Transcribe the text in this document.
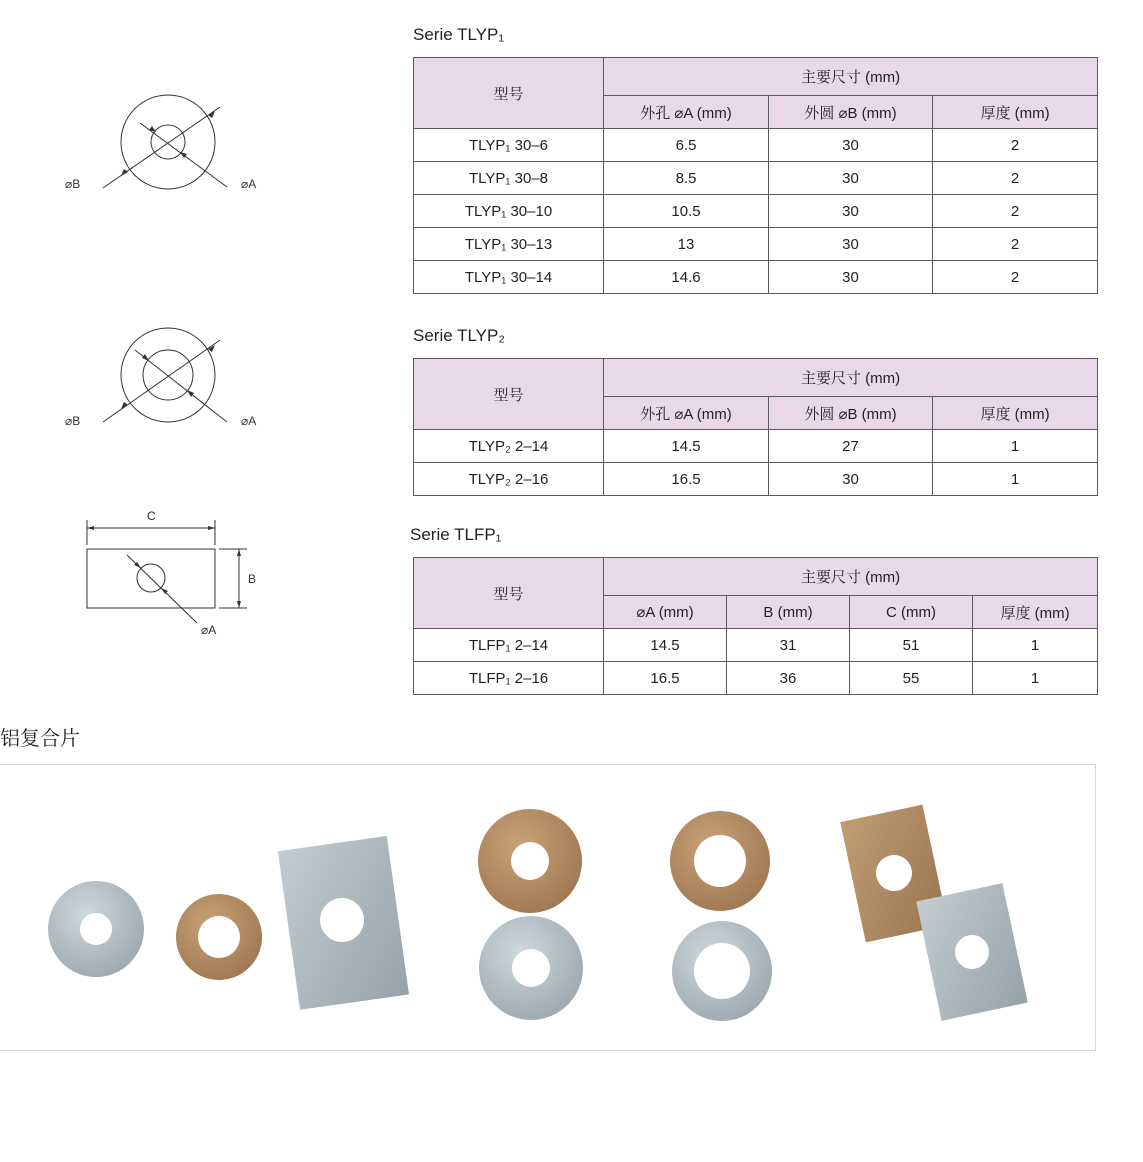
⌀B	⌀A
⌀B	⌀A
C
B
⌀A
Serie TLYP₁
型号	主要尺寸 (mm)		
	外孔 ⌀A (mm)	外圆 ⌀B (mm)	厚度 (mm)
TLYP₁ 30–6	6.5	30	2
TLYP₁ 30–8	8.5	30	2
TLYP₁ 30–10	10.5	30	2
TLYP₁ 30–13	13	30	2
TLYP₁ 30–14	14.6	30	2
Serie TLYP₂
型号	主要尺寸 (mm)		
	外孔 ⌀A (mm)	外圆 ⌀B (mm)	厚度 (mm)
TLYP₂ 2–14	14.5	27	1
TLYP₂ 2–16	16.5	30	1
Serie TLFP₁
型号	主要尺寸 (mm)			
	⌀A (mm)	B (mm)	C (mm)	厚度 (mm)
TLFP₁ 2–14	14.5	31	51	1
TLFP₁ 2–16	16.5	36	55	1
铝复合片
